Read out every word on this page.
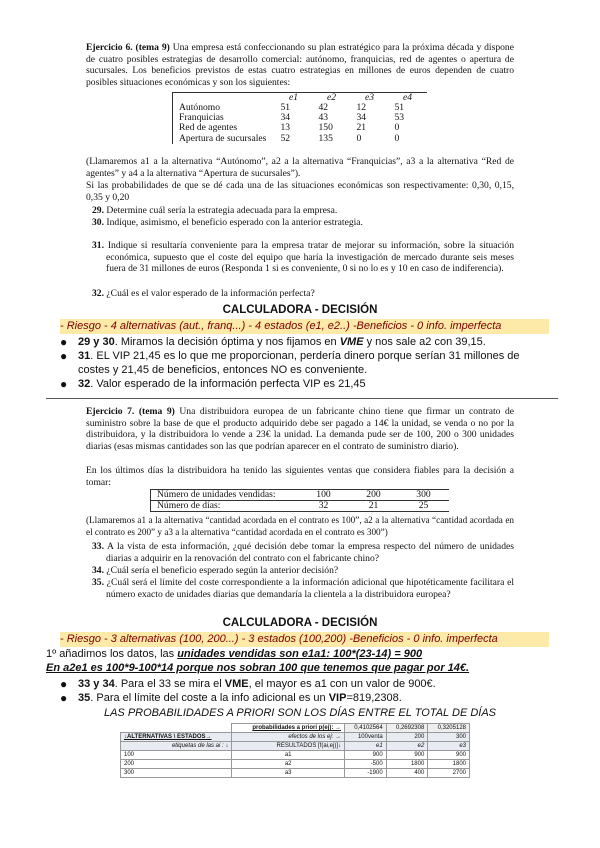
Ejercicio 6. (tema 9) Una empresa está confeccionando su plan estratégico para la próxima década y dispone de cuatro posibles estrategias de desarrollo comercial: autónomo, franquicias, red de agentes o apertura de sucursales. Los beneficios previstos de estas cuatro estrategias en millones de euros dependen de cuatro posibles situaciones económicas y son los siguientes:
	e1	e2	e3	e4
Autónomo	51	42	12	51
Franquicias	34	43	34	53
Red de agentes	13	150	21	0
Apertura de sucursales	52	135	0	0
(Llamaremos a1 a la alternativa “Autónomo”, a2 a la alternativa “Franquicias”, a3 a la alternativa “Red de agentes” y a4 a la alternativa “Apertura de sucursales”).
Si las probabilidades de que se dé cada una de las situaciones económicas son respectivamente: 0,30, 0,15, 0,35 y 0,20
29. Determine cuál sería la estrategia adecuada para la empresa.
30. Indique, asimismo, el beneficio esperado con la anterior estrategia.
31. Indique si resultaría conveniente para la empresa tratar de mejorar su información, sobre la situación económica, supuesto que el coste del equipo que haría la investigación de mercado durante seis meses fuera de 31 millones de euros (Responda 1 si es conveniente, 0 si no lo es y 10 en caso de indiferencia).
32. ¿Cuál es el valor esperado de la información perfecta?
CALCULADORA - DECISIÓN
- Riesgo - 4 alternativas (aut., franq...) - 4 estados (e1, e2..) -Beneficios - 0 info. imperfecta
● 29 y 30. Miramos la decisión óptima y nos fijamos en VME y nos sale a2 con 39,15.
● 31. EL VIP 21,45 es lo que me proporcionan, perdería dinero porque serían 31 millones de costes y 21,45 de beneficios, entonces NO es conveniente.
● 32. Valor esperado de la información perfecta VIP es 21,45
Ejercicio 7. (tema 9) Una distribuidora europea de un fabricante chino tiene que firmar un contrato de suministro sobre la base de que el producto adquirido debe ser pagado a 14€ la unidad, se venda o no por la distribuidora, y la distribuidora lo vende a 23€ la unidad. La demanda pude ser de 100, 200 o 300 unidades diarias (esas mismas cantidades son las que podrían aparecer en el contrato de suministro diario).
En los últimos días la distribuidora ha tenido las siguientes ventas que considera fiables para la decisión a tomar:
Número de unidades vendidas:	100	200	300
Número de días:	32	21	25
(Llamaremos a1 a la alternativa “cantidad acordada en el contrato es 100”, a2 a la alternativa “cantidad acordada en el contrato es 200” y a3 a la alternativa “cantidad acordada en el contrato es 300”)
33. A la vista de esta información, ¿qué decisión debe tomar la empresa respecto del número de unidades diarias a adquirir en la renovación del contrato con el fabricante chino?
34. ¿Cuál sería el beneficio esperado según la anterior decisión?
35. ¿Cuál será el límite del coste correspondiente a la información adicional que hipotéticamente facilitara el número exacto de unidades diarias que demandaría la clientela a la distribuidora europea?
CALCULADORA - DECISIÓN
- Riesgo - 3 alternativas (100, 200...) - 3 estados (100,200) -Beneficios - 0 info. imperfecta
1º añadimos los datos, las unidades vendidas son e1a1: 100*(23-14) = 900
En a2e1 es 100*9-100*14 porque nos sobran 100 que tenemos que pagar por 14€.
● 33 y 34. Para el 33 se mira el VME, el mayor es a1 con un valor de 900€.
● 35. Para el límite del coste a la info adicional es un VIP=819,2308.
LAS PROBABILIDADES A PRIORI SON LOS DÍAS ENTRE EL TOTAL DE DÍAS
	probabilidades a priori p(ej): →	0,4102564	0,2692308	0,3205128
↓ALTERNATIVAS \ ESTADOS→	efectos de los ej: →	100venta	200	300
etiquetas de las ai : ↓	RESULTADOS [f(ai,ej)]↓	e1	e2	e3
100	a1	900	900	900
200	a2	-500	1800	1800
300	a3	-1900	400	2700
